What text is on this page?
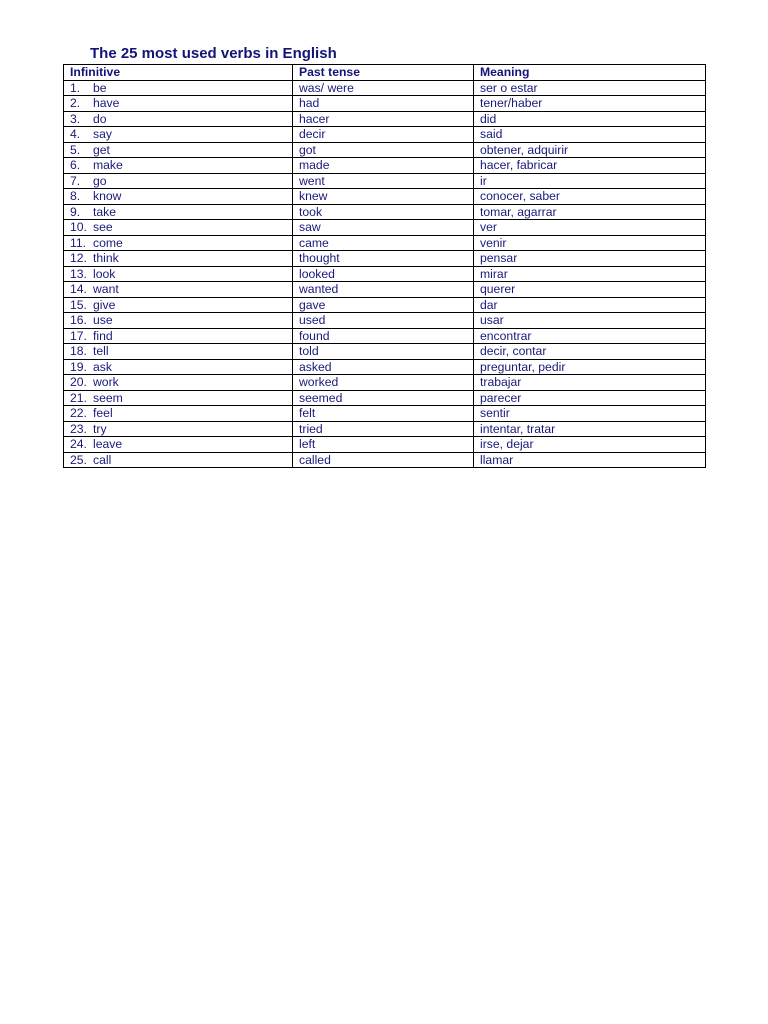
The 25 most used verbs in English
Infinitive	Past tense	Meaning
1. be	was/ were	ser o estar
2. have	had	tener/haber
3. do	hacer	did
4. say	decir	said
5. get	got	obtener, adquirir
6. make	made	hacer, fabricar
7. go	went	ir
8. know	knew	conocer, saber
9. take	took	tomar, agarrar
10. see	saw	ver
11. come	came	venir
12. think	thought	pensar
13. look	looked	mirar
14. want	wanted	querer
15. give	gave	dar
16. use	used	usar
17. find	found	encontrar
18. tell	told	decir, contar
19. ask	asked	preguntar, pedir
20. work	worked	trabajar
21. seem	seemed	parecer
22. feel	felt	sentir
23. try	tried	intentar, tratar
24. leave	left	irse, dejar
25. call	called	llamar
